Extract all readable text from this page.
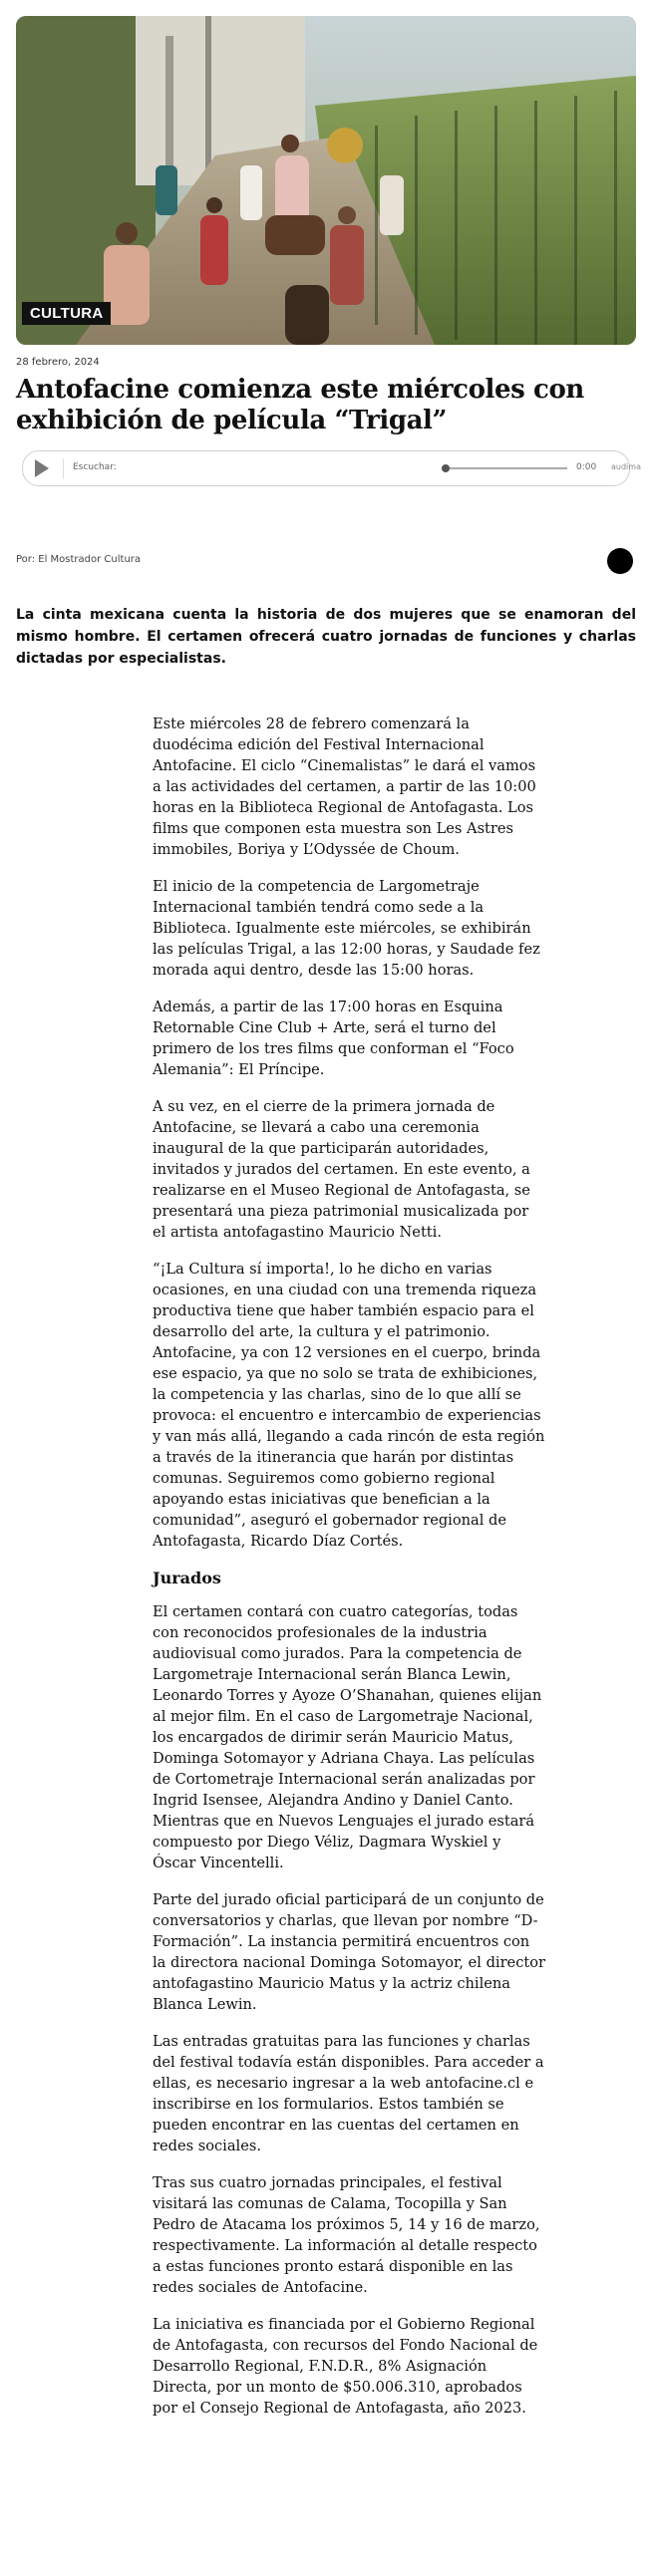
CULTURA
28 febrero, 2024
Antofacine comienza este miércoles con exhibición de película “Trigal”
Escuchar:	0:00 audima
Por: El Mostrador Cultura

La cinta mexicana cuenta la historia de dos mujeres que se enamoran del mismo hombre. El certamen ofrecerá cuatro jornadas de funciones y charlas dictadas por especialistas.

Este miércoles 28 de febrero comenzará la duodécima edición del Festival Internacional Antofacine. El ciclo “Cinemalistas” le dará el vamos a las actividades del certamen, a partir de las 10:00 horas en la Biblioteca Regional de Antofagasta. Los films que componen esta muestra son Les Astres immobiles, Boriya y L’Odyssée de Choum.

El inicio de la competencia de Largometraje Internacional también tendrá como sede a la Biblioteca. Igualmente este miércoles, se exhibirán las películas Trigal, a las 12:00 horas, y Saudade fez morada aqui dentro, desde las 15:00 horas.

Además, a partir de las 17:00 horas en Esquina Retornable Cine Club + Arte, será el turno del primero de los tres films que conforman el “Foco Alemania”: El Príncipe.

A su vez, en el cierre de la primera jornada de Antofacine, se llevará a cabo una ceremonia inaugural de la que participarán autoridades, invitados y jurados del certamen. En este evento, a realizarse en el Museo Regional de Antofagasta, se presentará una pieza patrimonial musicalizada por el artista antofagastino Mauricio Netti.

“¡La Cultura sí importa!, lo he dicho en varias ocasiones, en una ciudad con una tremenda riqueza productiva tiene que haber también espacio para el desarrollo del arte, la cultura y el patrimonio. Antofacine, ya con 12 versiones en el cuerpo, brinda ese espacio, ya que no solo se trata de exhibiciones, la competencia y las charlas, sino de lo que allí se provoca: el encuentro e intercambio de experiencias y van más allá, llegando a cada rincón de esta región a través de la itinerancia que harán por distintas comunas. Seguiremos como gobierno regional apoyando estas iniciativas que benefician a la comunidad”, aseguró el gobernador regional de Antofagasta, Ricardo Díaz Cortés.

Jurados

El certamen contará con cuatro categorías, todas con reconocidos profesionales de la industria audiovisual como jurados. Para la competencia de Largometraje Internacional serán Blanca Lewin, Leonardo Torres y Ayoze O’Shanahan, quienes elijan al mejor film. En el caso de Largometraje Nacional, los encargados de dirimir serán Mauricio Matus, Dominga Sotomayor y Adriana Chaya. Las películas de Cortometraje Internacional serán analizadas por Ingrid Isensee, Alejandra Andino y Daniel Canto. Mientras que en Nuevos Lenguajes el jurado estará compuesto por Diego Véliz, Dagmara Wyskiel y Óscar Vincentelli.

Parte del jurado oficial participará de un conjunto de conversatorios y charlas, que llevan por nombre “D-Formación”. La instancia permitirá encuentros con la directora nacional Dominga Sotomayor, el director antofagastino Mauricio Matus y la actriz chilena Blanca Lewin.

Las entradas gratuitas para las funciones y charlas del festival todavía están disponibles. Para acceder a ellas, es necesario ingresar a la web antofacine.cl e inscribirse en los formularios. Estos también se pueden encontrar en las cuentas del certamen en redes sociales.

Tras sus cuatro jornadas principales, el festival visitará las comunas de Calama, Tocopilla y San Pedro de Atacama los próximos 5, 14 y 16 de marzo, respectivamente. La información al detalle respecto a estas funciones pronto estará disponible en las redes sociales de Antofacine.

La iniciativa es financiada por el Gobierno Regional de Antofagasta, con recursos del Fondo Nacional de Desarrollo Regional, F.N.D.R., 8% Asignación Directa, por un monto de $50.006.310, aprobados por el Consejo Regional de Antofagasta, año 2023.
